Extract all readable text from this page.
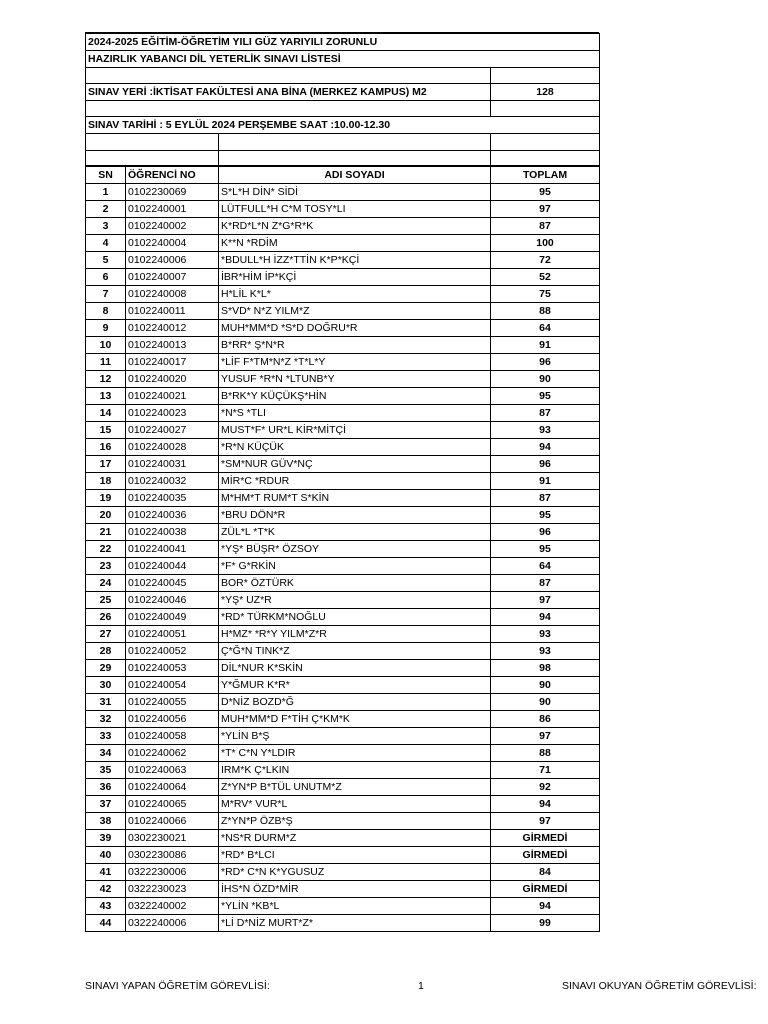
2024-2025 EĞİTİM-ÖĞRETİM YILI GÜZ YARIYILI ZORUNLU			
HAZIRLIK YABANCI DİL YETERLİK SINAVI LİSTESİ			

SINAV YERİ :İKTİSAT FAKÜLTESİ ANA BİNA (MERKEZ KAMPUS) M2			128

SINAV TARİHİ : 5 EYLÜL 2024 PERŞEMBE SAAT :10.00-12.30			

SN	ÖĞRENCİ NO	ADI SOYADI	TOPLAM
1	0102230069	S*L*H DİN* SİDİ	95
2	0102240001	LÜTFULL*H C*M TOSY*LI	97
3	0102240002	K*RD*L*N Z*G*R*K	87
4	0102240004	K**N *RDİM	100
5	0102240006	*BDULL*H İZZ*TTİN K*P*KÇİ	72
6	0102240007	İBR*HİM İP*KÇİ	52
7	0102240008	H*LİL K*L*	75
8	0102240011	S*VD* N*Z YILM*Z	88
9	0102240012	MUH*MM*D *S*D DOĞRU*R	64
10	0102240013	B*RR* Ş*N*R	91
11	0102240017	*LİF F*TM*N*Z *T*L*Y	96
12	0102240020	YUSUF *R*N *LTUNB*Y	90
13	0102240021	B*RK*Y KÜÇÜKŞ*HİN	95
14	0102240023	*N*S *TLI	87
15	0102240027	MUST*F* UR*L KİR*MİTÇİ	93
16	0102240028	*R*N KÜÇÜK	94
17	0102240031	*SM*NUR GÜV*NÇ	96
18	0102240032	MİR*C *RDUR	91
19	0102240035	M*HM*T RUM*T S*KİN	87
20	0102240036	*BRU DÖN*R	95
21	0102240038	ZÜL*L *T*K	96
22	0102240041	*YŞ* BÜŞR* ÖZSOY	95
23	0102240044	*F* G*RKİN	64
24	0102240045	BOR* ÖZTÜRK	87
25	0102240046	*YŞ* UZ*R	97
26	0102240049	*RD* TÜRKM*NOĞLU	94
27	0102240051	H*MZ* *R*Y YILM*Z*R	93
28	0102240052	Ç*Ğ*N TINK*Z	93
29	0102240053	DİL*NUR K*SKİN	98
30	0102240054	Y*ĞMUR K*R*	90
31	0102240055	D*NİZ BOZD*Ğ	90
32	0102240056	MUH*MM*D F*TİH Ç*KM*K	86
33	0102240058	*YLİN B*Ş	97
34	0102240062	*T* C*N Y*LDIR	88
35	0102240063	IRM*K Ç*LKIN	71
36	0102240064	Z*YN*P B*TÜL UNUTM*Z	92
37	0102240065	M*RV* VUR*L	94
38	0102240066	Z*YN*P ÖZB*Ş	97
39	0302230021	*NS*R DURM*Z	GİRMEDİ
40	0302230086	*RD* B*LCI	GİRMEDİ
41	0322230006	*RD* C*N K*YGUSUZ	84
42	0322230023	İHS*N ÖZD*MİR	GİRMEDİ
43	0322240002	*YLİN *KB*L	94
44	0322240006	*Lİ D*NİZ MURT*Z*	99
SINAVI YAPAN ÖĞRETİM GÖREVLİSİ:	1	SINAVI OKUYAN ÖĞRETİM GÖREVLİSİ:
